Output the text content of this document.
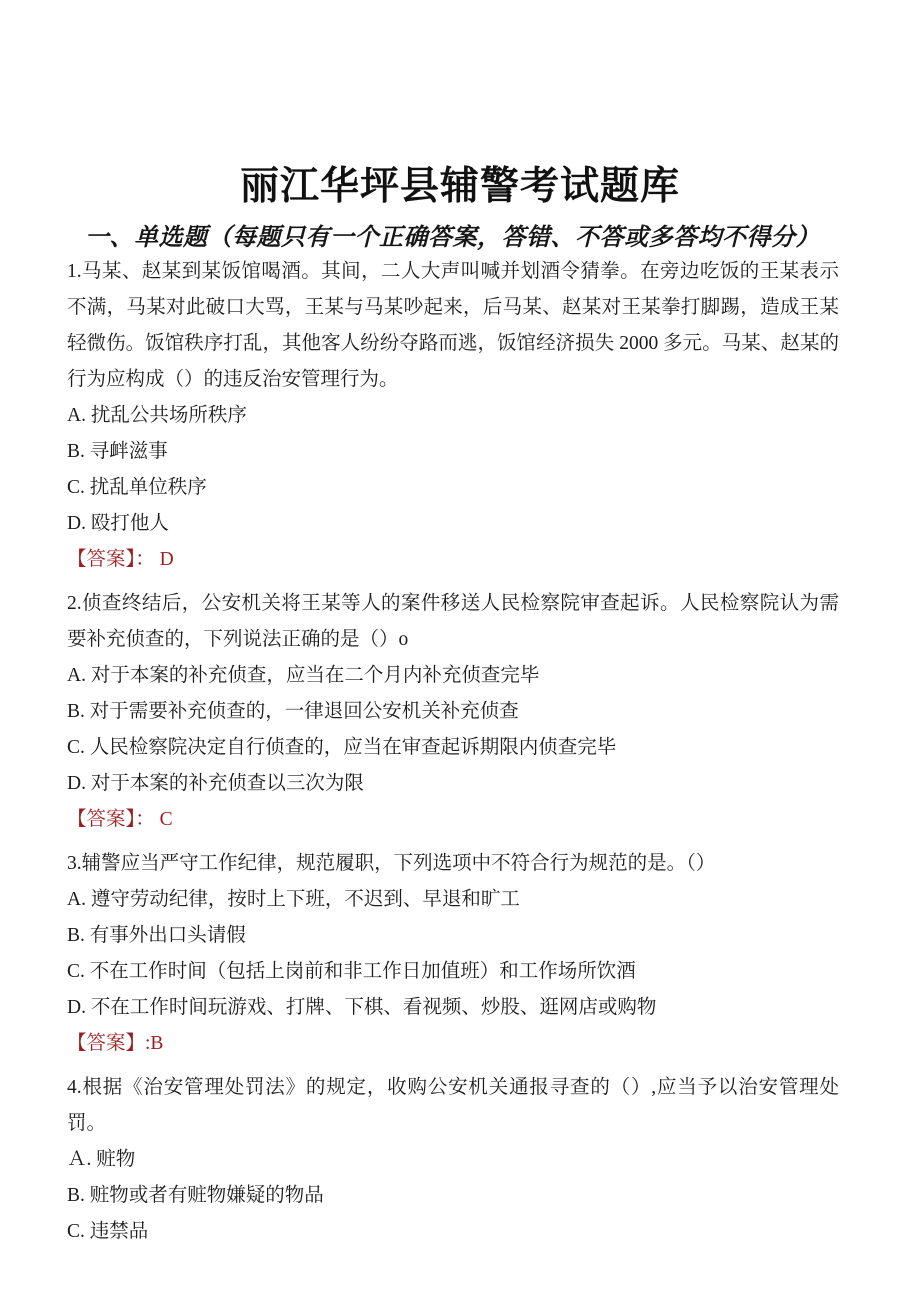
丽江华坪县辅警考试题库
一、单选题（每题只有一个正确答案，答错、不答或多答均不得分）

1.马某、赵某到某饭馆喝酒。其间，二人大声叫喊并划酒令猜拳。在旁边吃饭的王某表示不满，马某对此破口大骂，王某与马某吵起来，后马某、赵某对王某拳打脚踢，造成王某轻微伤。饭馆秩序打乱，其他客人纷纷夺路而逃，饭馆经济损失 2000 多元。马某、赵某的行为应构成（）的违反治安管理行为。

A. 扰乱公共场所秩序

B. 寻衅滋事

C. 扰乱单位秩序

D. 殴打他人

【答案】： D

2.侦查终结后，公安机关将王某等人的案件移送人民检察院审查起诉。人民检察院认为需要补充侦查的，下列说法正确的是（）o

A. 对于本案的补充侦查，应当在二个月内补充侦查完毕

B. 对于需要补充侦查的，一律退回公安机关补充侦查

C. 人民检察院决定自行侦查的，应当在审查起诉期限内侦查完毕

D. 对于本案的补充侦查以三次为限

【答案】： C

3.辅警应当严守工作纪律，规范履职，下列选项中不符合行为规范的是。（）

A. 遵守劳动纪律，按时上下班，不迟到、早退和旷工

B. 有事外出口头请假

C. 不在工作时间（包括上岗前和非工作日加值班）和工作场所饮酒

D. 不在工作时间玩游戏、打牌、下棋、看视频、炒股、逛网店或购物

【答案】:B

4.根据《治安管理处罚法》的规定，收购公安机关通报寻查的（）,应当予以治安管理处罚。

Ａ. 赃物

B. 赃物或者有赃物嫌疑的物品

C. 违禁品
